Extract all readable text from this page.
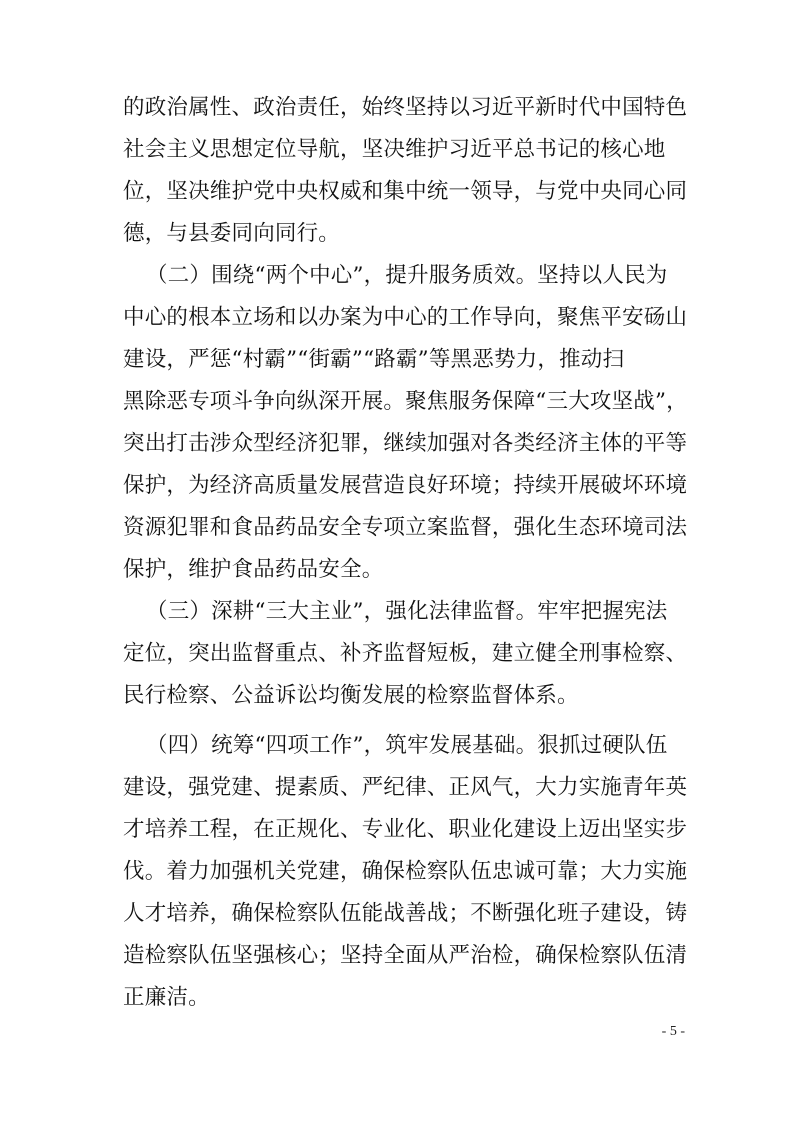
的政治属性、政治责任，始终坚持以习近平新时代中国特色
社会主义思想定位导航，坚决维护习近平总书记的核心地
位，坚决维护党中央权威和集中统一领导，与党中央同心同
德，与县委同向同行。
（二）围绕“两个中心”，提升服务质效。坚持以人民为
中心的根本立场和以办案为中心的工作导向，聚焦平安砀山
建设，严惩“村霸”“街霸”“路霸”等黑恶势力，推动扫
黑除恶专项斗争向纵深开展。聚焦服务保障“三大攻坚战”，
突出打击涉众型经济犯罪，继续加强对各类经济主体的平等
保护，为经济高质量发展营造良好环境；持续开展破坏环境
资源犯罪和食品药品安全专项立案监督，强化生态环境司法
保护，维护食品药品安全。
（三）深耕“三大主业”，强化法律监督。牢牢把握宪法
定位，突出监督重点、补齐监督短板，建立健全刑事检察、
民行检察、公益诉讼均衡发展的检察监督体系。
（四）统筹“四项工作”，筑牢发展基础。狠抓过硬队伍
建设，强党建、提素质、严纪律、正风气，大力实施青年英
才培养工程，在正规化、专业化、职业化建设上迈出坚实步
伐。着力加强机关党建，确保检察队伍忠诚可靠；大力实施
人才培养，确保检察队伍能战善战；不断强化班子建设，铸
造检察队伍坚强核心；坚持全面从严治检，确保检察队伍清
正廉洁。
- 5 -
